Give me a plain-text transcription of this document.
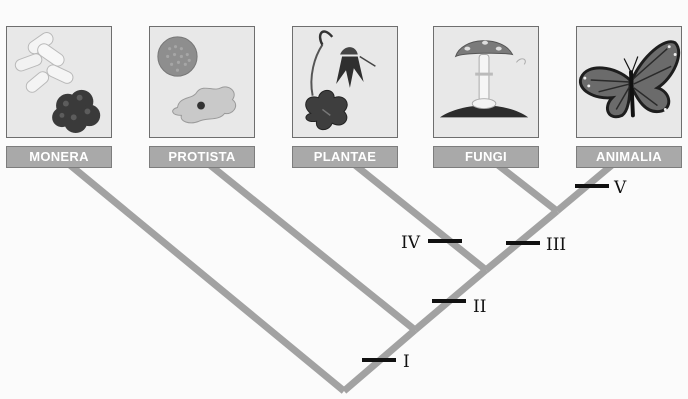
I
II
III
IV
V
MONERA	PROTISTA	PLANTAE	FUNGI	ANIMALIA
